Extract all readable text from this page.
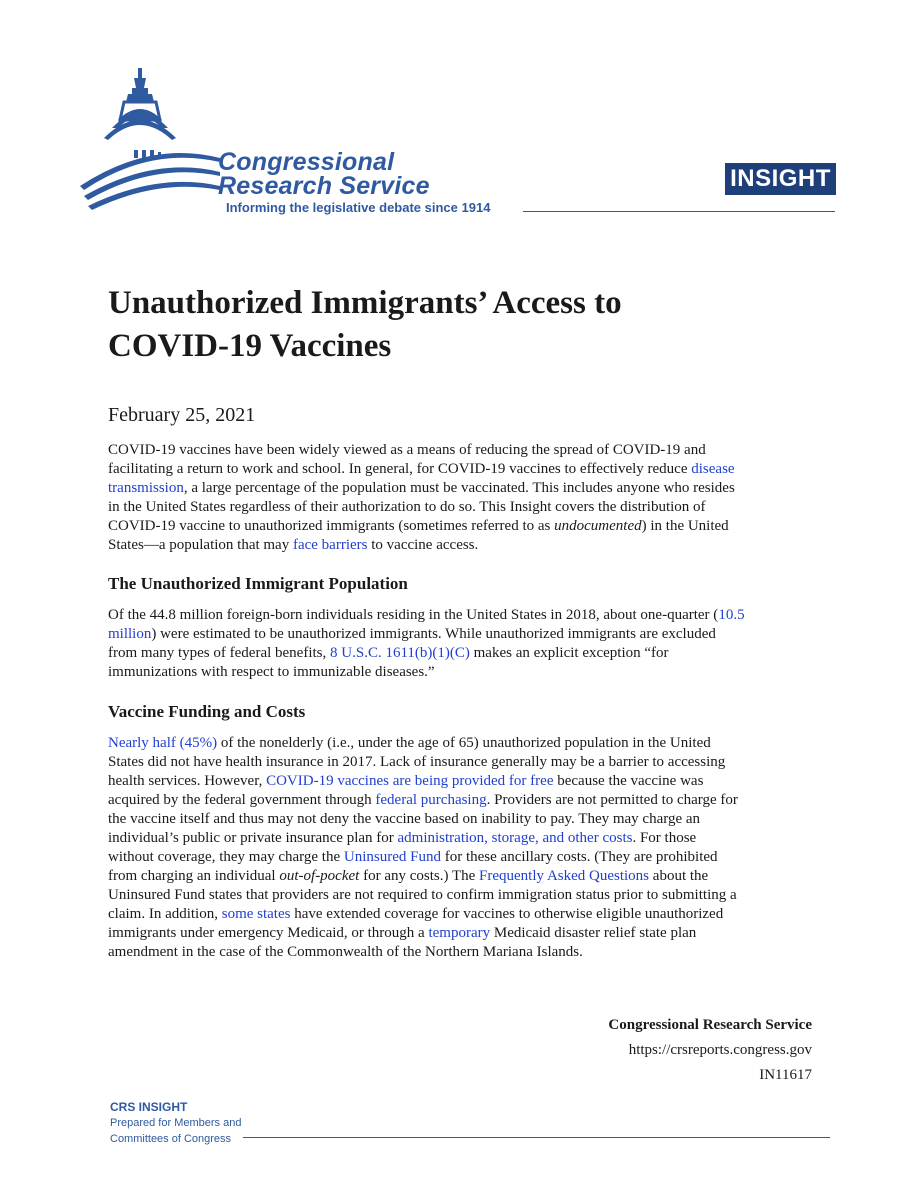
Congressional
Research Service
Informing the legislative debate since 1914
INSIGHT
Unauthorized Immigrants’ Access to
COVID-19 Vaccines
February 25, 2021
COVID-19 vaccines have been widely viewed as a means of reducing the spread of COVID-19 and
facilitating a return to work and school. In general, for COVID-19 vaccines to effectively reduce disease
transmission, a large percentage of the population must be vaccinated. This includes anyone who resides
in the United States regardless of their authorization to do so. This Insight covers the distribution of
COVID-19 vaccine to unauthorized immigrants (sometimes referred to as undocumented) in the United
States—a population that may face barriers to vaccine access.
The Unauthorized Immigrant Population
Of the 44.8 million foreign-born individuals residing in the United States in 2018, about one-quarter (10.5
million) were estimated to be unauthorized immigrants. While unauthorized immigrants are excluded
from many types of federal benefits, 8 U.S.C. 1611(b)(1)(C) makes an explicit exception “for
immunizations with respect to immunizable diseases.”
Vaccine Funding and Costs
Nearly half (45%) of the nonelderly (i.e., under the age of 65) unauthorized population in the United
States did not have health insurance in 2017. Lack of insurance generally may be a barrier to accessing
health services. However, COVID-19 vaccines are being provided for free because the vaccine was
acquired by the federal government through federal purchasing. Providers are not permitted to charge for
the vaccine itself and thus may not deny the vaccine based on inability to pay. They may charge an
individual’s public or private insurance plan for administration, storage, and other costs. For those
without coverage, they may charge the Uninsured Fund for these ancillary costs. (They are prohibited
from charging an individual out-of-pocket for any costs.) The Frequently Asked Questions about the
Uninsured Fund states that providers are not required to confirm immigration status prior to submitting a
claim. In addition, some states have extended coverage for vaccines to otherwise eligible unauthorized
immigrants under emergency Medicaid, or through a temporary Medicaid disaster relief state plan
amendment in the case of the Commonwealth of the Northern Mariana Islands.
Congressional Research Service
https://crsreports.congress.gov
IN11617
CRS INSIGHT
Prepared for Members and
Committees of Congress
